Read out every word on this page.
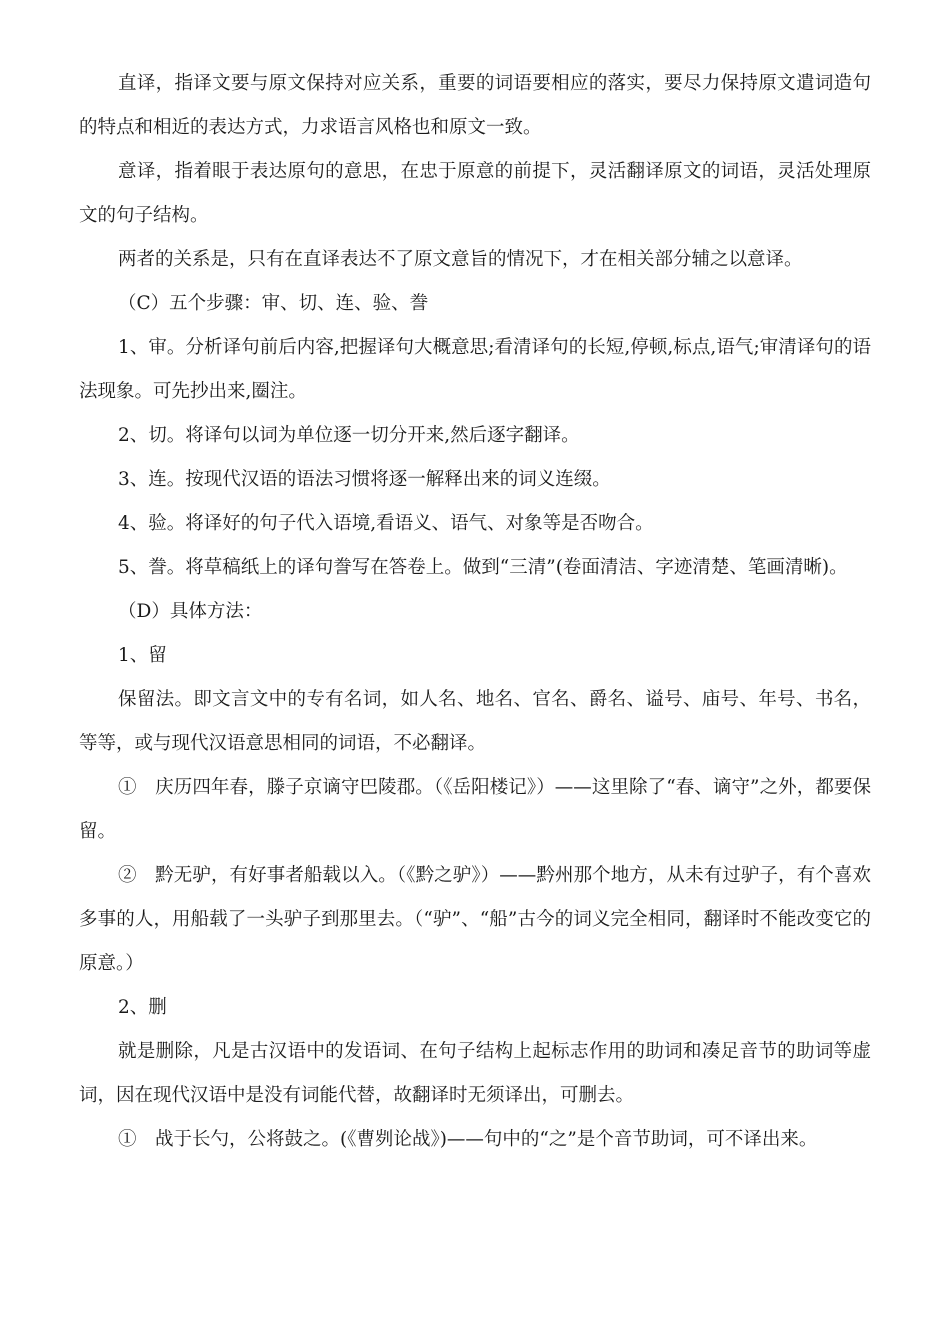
直译，指译文要与原文保持对应关系，重要的词语要相应的落实，要尽力保持原文遣词造句的特点和相近的表达方式，力求语言风格也和原文一致。

意译，指着眼于表达原句的意思，在忠于原意的前提下，灵活翻译原文的词语，灵活处理原文的句子结构。

两者的关系是，只有在直译表达不了原文意旨的情况下，才在相关部分辅之以意译。

（C）五个步骤：审、切、连、验、誊

1、审。分析译句前后内容,把握译句大概意思;看清译句的长短,停顿,标点,语气;审清译句的语法现象。可先抄出来,圈注。

2、切。将译句以词为单位逐一切分开来,然后逐字翻译。

3、连。按现代汉语的语法习惯将逐一解释出来的词义连缀。

4、验。将译好的句子代入语境,看语义、语气、对象等是否吻合。

5、誊。将草稿纸上的译句誊写在答卷上。做到“三清”(卷面清洁、字迹清楚、笔画清晰)。

（D）具体方法：

1、留

保留法。即文言文中的专有名词，如人名、地名、官名、爵名、谥号、庙号、年号、书名，等等，或与现代汉语意思相同的词语，不必翻译。

①　庆历四年春，滕子京谪守巴陵郡。（《岳阳楼记》）——这里除了“春、谪守”之外，都要保留。

②　黔无驴，有好事者船载以入。（《黔之驴》）——黔州那个地方，从未有过驴子，有个喜欢多事的人，用船载了一头驴子到那里去。（“驴”、“船”古今的词义完全相同，翻译时不能改变它的原意。）

2、删

就是删除，凡是古汉语中的发语词、在句子结构上起标志作用的助词和凑足音节的助词等虚词，因在现代汉语中是没有词能代替，故翻译时无须译出，可删去。

①　战于长勺，公将鼓之。(《曹刿论战》)——句中的“之”是个音节助词，可不译出来。
